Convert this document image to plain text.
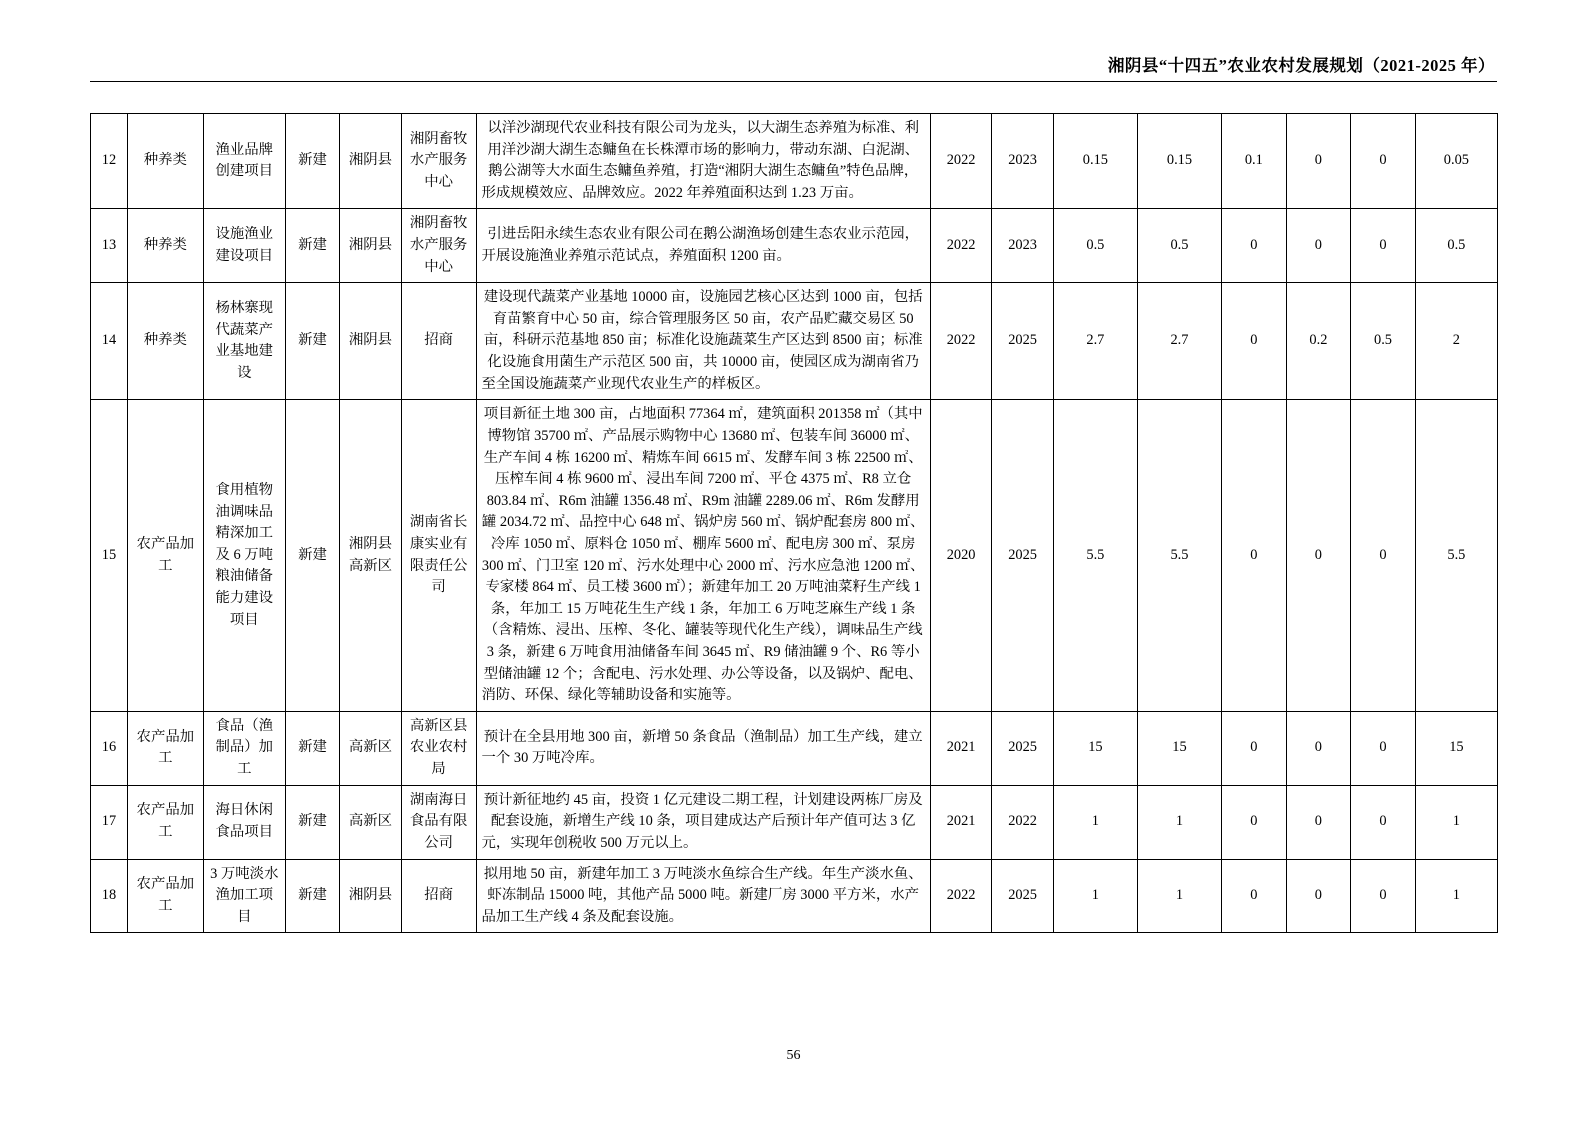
湘阴县“十四五”农业农村发展规划（2021-2025 年）
12	种养类	渔业品牌创建项目	新建	湘阴县	湘阴畜牧水产服务中心	以洋沙湖现代农业科技有限公司为龙头，以大湖生态养殖为标准、利用洋沙湖大湖生态鳙鱼在长株潭市场的影响力，带动东湖、白泥湖、鹅公湖等大水面生态鳙鱼养殖，打造“湘阴大湖生态鳙鱼”特色品牌，形成规模效应、品牌效应。2022 年养殖面积达到 1.23 万亩。	2022	2023	0.15	0.15	0.1	0	0	0.05
13	种养类	设施渔业建设项目	新建	湘阴县	湘阴畜牧水产服务中心	引进岳阳永续生态农业有限公司在鹅公湖渔场创建生态农业示范园，开展设施渔业养殖示范试点，养殖面积 1200 亩。	2022	2023	0.5	0.5	0	0	0	0.5
14	种养类	杨林寨现代蔬菜产业基地建设	新建	湘阴县	招商	建设现代蔬菜产业基地 10000 亩，设施园艺核心区达到 1000 亩，包括育苗繁育中心 50 亩，综合管理服务区 50 亩，农产品贮藏交易区 50 亩，科研示范基地 850 亩；标准化设施蔬菜生产区达到 8500 亩；标准化设施食用菌生产示范区 500 亩，共 10000 亩，使园区成为湖南省乃至全国设施蔬菜产业现代农业生产的样板区。	2022	2025	2.7	2.7	0	0.2	0.5	2
15	农产品加工	食用植物油调味品精深加工及 6 万吨粮油储备能力建设项目	新建	湘阴县高新区	湖南省长康实业有限责任公司	项目新征土地 300 亩，占地面积 77364 ㎡，建筑面积 201358 ㎡（其中博物馆 35700 ㎡、产品展示购物中心 13680 ㎡、包装车间 36000 ㎡、生产车间 4 栋 16200 ㎡、精炼车间 6615 ㎡、发酵车间 3 栋 22500 ㎡、压榨车间 4 栋 9600 ㎡、浸出车间 7200 ㎡、平仓 4375 ㎡、R8 立仓 803.84 ㎡、R6m 油罐 1356.48 ㎡、R9m 油罐 2289.06 ㎡、R6m 发酵用罐 2034.72 ㎡、品控中心 648 ㎡、锅炉房 560 ㎡、锅炉配套房 800 ㎡、冷库 1050 ㎡、原料仓 1050 ㎡、棚库 5600 ㎡、配电房 300 ㎡、泵房 300 ㎡、门卫室 120 ㎡、污水处理中心 2000 ㎡、污水应急池 1200 ㎡、专家楼 864 ㎡、员工楼 3600 ㎡）；新建年加工 20 万吨油菜籽生产线 1 条，年加工 15 万吨花生生产线 1 条，年加工 6 万吨芝麻生产线 1 条（含精炼、浸出、压榨、冬化、罐装等现代化生产线），调味品生产线 3 条，新建 6 万吨食用油储备车间 3645 ㎡、R9 储油罐 9 个、R6 等小型储油罐 12 个；含配电、污水处理、办公等设备，以及锅炉、配电、消防、环保、绿化等辅助设备和实施等。	2020	2025	5.5	5.5	0	0	0	5.5
16	农产品加工	食品（渔制品）加工	新建	高新区	高新区县农业农村局	预计在全县用地 300 亩，新增 50 条食品（渔制品）加工生产线，建立一个 30 万吨冷库。	2021	2025	15	15	0	0	0	15
17	农产品加工	海日休闲食品项目	新建	高新区	湖南海日食品有限公司	预计新征地约 45 亩，投资 1 亿元建设二期工程，计划建设两栋厂房及配套设施，新增生产线 10 条，项目建成达产后预计年产值可达 3 亿元，实现年创税收 500 万元以上。	2021	2022	1	1	0	0	0	1
18	农产品加工	3 万吨淡水渔加工项目	新建	湘阴县	招商	拟用地 50 亩，新建年加工 3 万吨淡水鱼综合生产线。年生产淡水鱼、虾冻制品 15000 吨，其他产品 5000 吨。新建厂房 3000 平方米，水产品加工生产线 4 条及配套设施。	2022	2025	1	1	0	0	0	1
56
